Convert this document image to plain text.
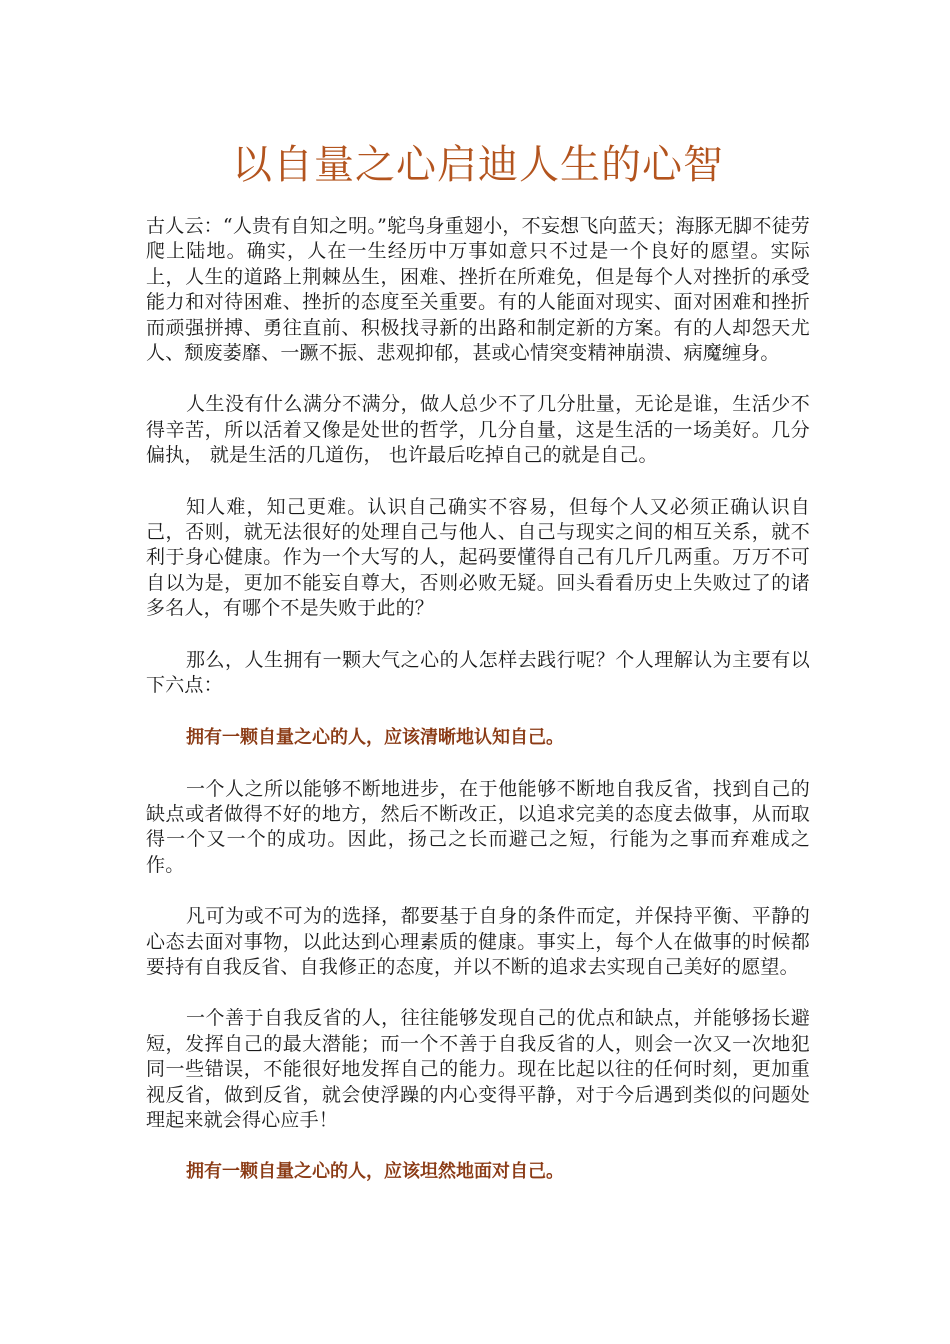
以自量之心启迪人生的心智

古人云：“人贵有自知之明。”鸵鸟身重翅小，不妄想飞向蓝天；海豚无脚不徒劳爬上陆地。确实，人在一生经历中万事如意只不过是一个良好的愿望。实际上，人生的道路上荆棘丛生，困难、挫折在所难免，但是每个人对挫折的承受能力和对待困难、挫折的态度至关重要。有的人能面对现实、面对困难和挫折而顽强拼搏、勇往直前、积极找寻新的出路和制定新的方案。有的人却怨天尤人、颓废萎靡、一蹶不振、悲观抑郁，甚或心情突变精神崩溃、病魔缠身。

人生没有什么满分不满分，做人总少不了几分肚量，无论是谁，生活少不得辛苦，所以活着又像是处世的哲学，几分自量，这是生活的一场美好。几分偏执， 就是生活的几道伤， 也许最后吃掉自己的就是自己。

知人难，知己更难。认识自己确实不容易，但每个人又必须正确认识自己，否则，就无法很好的处理自己与他人、自己与现实之间的相互关系，就不利于身心健康。作为一个大写的人，起码要懂得自己有几斤几两重。万万不可自以为是，更加不能妄自尊大，否则必败无疑。回头看看历史上失败过了的诸多名人，有哪个不是失败于此的？

那么，人生拥有一颗大气之心的人怎样去践行呢？个人理解认为主要有以下六点：

拥有一颗自量之心的人，应该清晰地认知自己。

一个人之所以能够不断地进步，在于他能够不断地自我反省，找到自己的缺点或者做得不好的地方，然后不断改正，以追求完美的态度去做事，从而取得一个又一个的成功。因此，扬己之长而避己之短，行能为之事而弃难成之作。

凡可为或不可为的选择，都要基于自身的条件而定，并保持平衡、平静的心态去面对事物，以此达到心理素质的健康。事实上，每个人在做事的时候都要持有自我反省、自我修正的态度，并以不断的追求去实现自己美好的愿望。

一个善于自我反省的人，往往能够发现自己的优点和缺点，并能够扬长避短，发挥自己的最大潜能；而一个不善于自我反省的人，则会一次又一次地犯同一些错误，不能很好地发挥自己的能力。现在比起以往的任何时刻，更加重视反省，做到反省，就会使浮躁的内心变得平静，对于今后遇到类似的问题处理起来就会得心应手！

拥有一颗自量之心的人，应该坦然地面对自己。
